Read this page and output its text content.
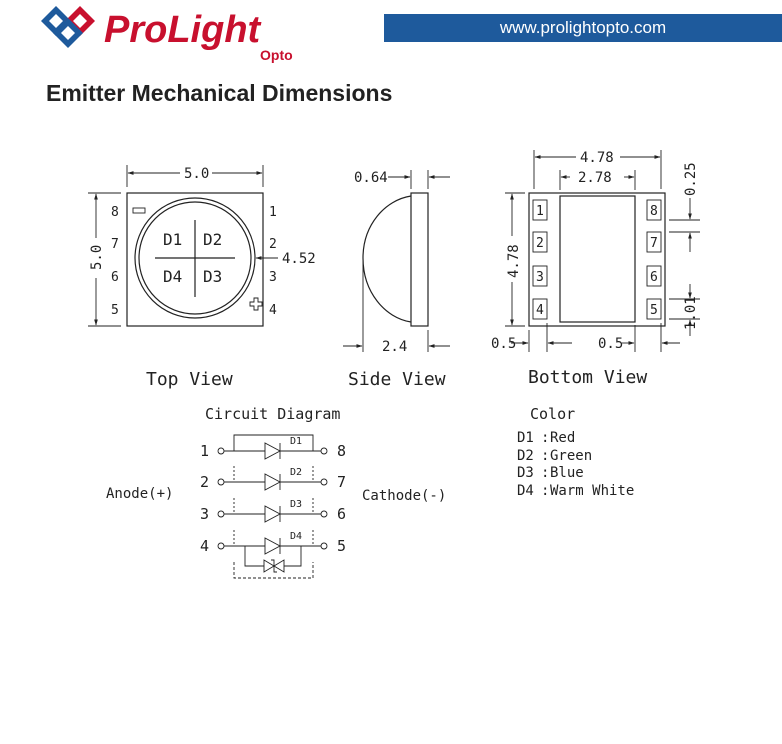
ProLight
Opto
www.prolightopto.com
Emitter Mechanical Dimensions
D1 D2
D4 D3
8
7
6
5
1
2
3
4
5.0
5.0	4.52
Top View
0.64
2.4
Side View
1
2
3
4
8
7
6
5
4.78
2.78
4.78
0.25
1.01
0.5	0.5
Bottom View
Circuit Diagram
Anode(+)	Cathode(-)
1
D1
8
2
D2
7
3
D3
6
4
D4
5
Color
D1 : Red
D2 : Green
D3 : Blue
D4 : Warm White
